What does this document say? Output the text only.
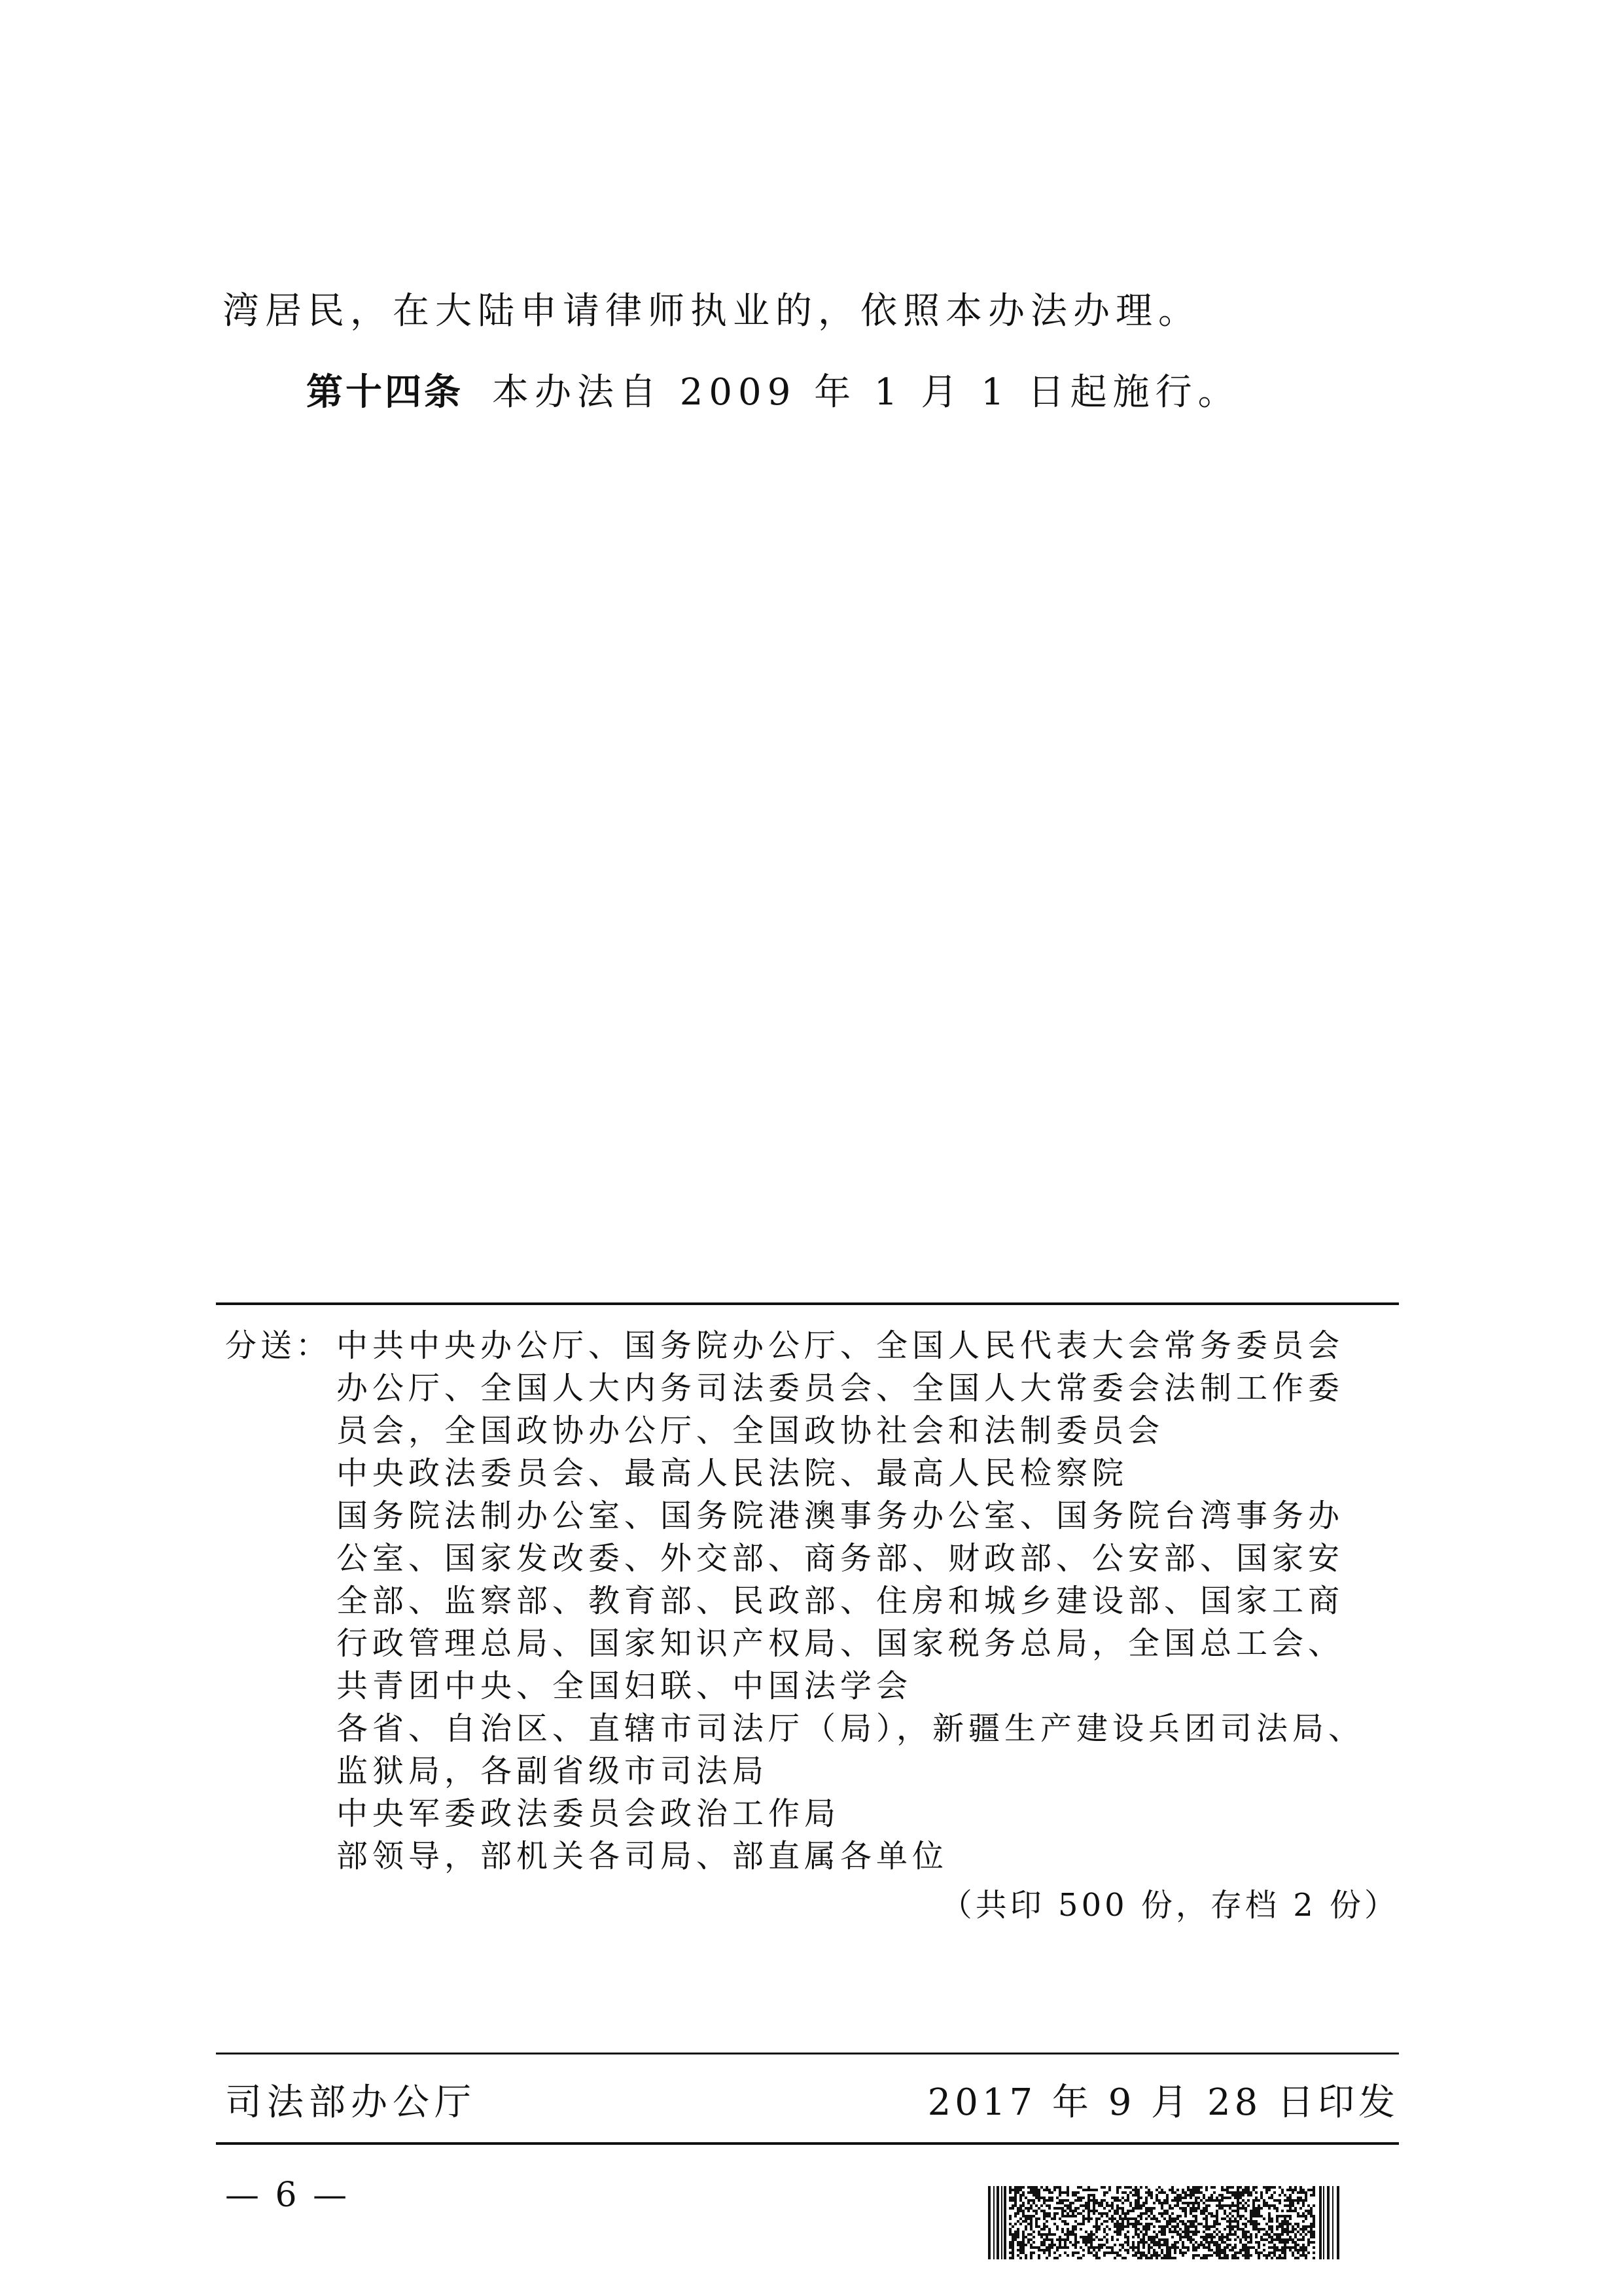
湾居民，在大陆申请律师执业的，依照本办法办理。
第十四条 本办法自 2009 年 1 月 1 日起施行。
分送： 中共中央办公厅、国务院办公厅、全国人民代表大会常务委员会
办公厅、全国人大内务司法委员会、全国人大常委会法制工作委
员会，全国政协办公厅、全国政协社会和法制委员会
中央政法委员会、最高人民法院、最高人民检察院
国务院法制办公室、国务院港澳事务办公室、国务院台湾事务办
公室、国家发改委、外交部、商务部、财政部、公安部、国家安
全部、监察部、教育部、民政部、住房和城乡建设部、国家工商
行政管理总局、国家知识产权局、国家税务总局，全国总工会、
共青团中央、全国妇联、中国法学会
各省、自治区、直辖市司法厅（局），新疆生产建设兵团司法局、
监狱局，各副省级市司法局
中央军委政法委员会政治工作局
部领导，部机关各司局、部直属各单位
（共印 500 份，存档 2 份）
司法部办公厅	2017 年 9 月 28 日印发
— 6 —
